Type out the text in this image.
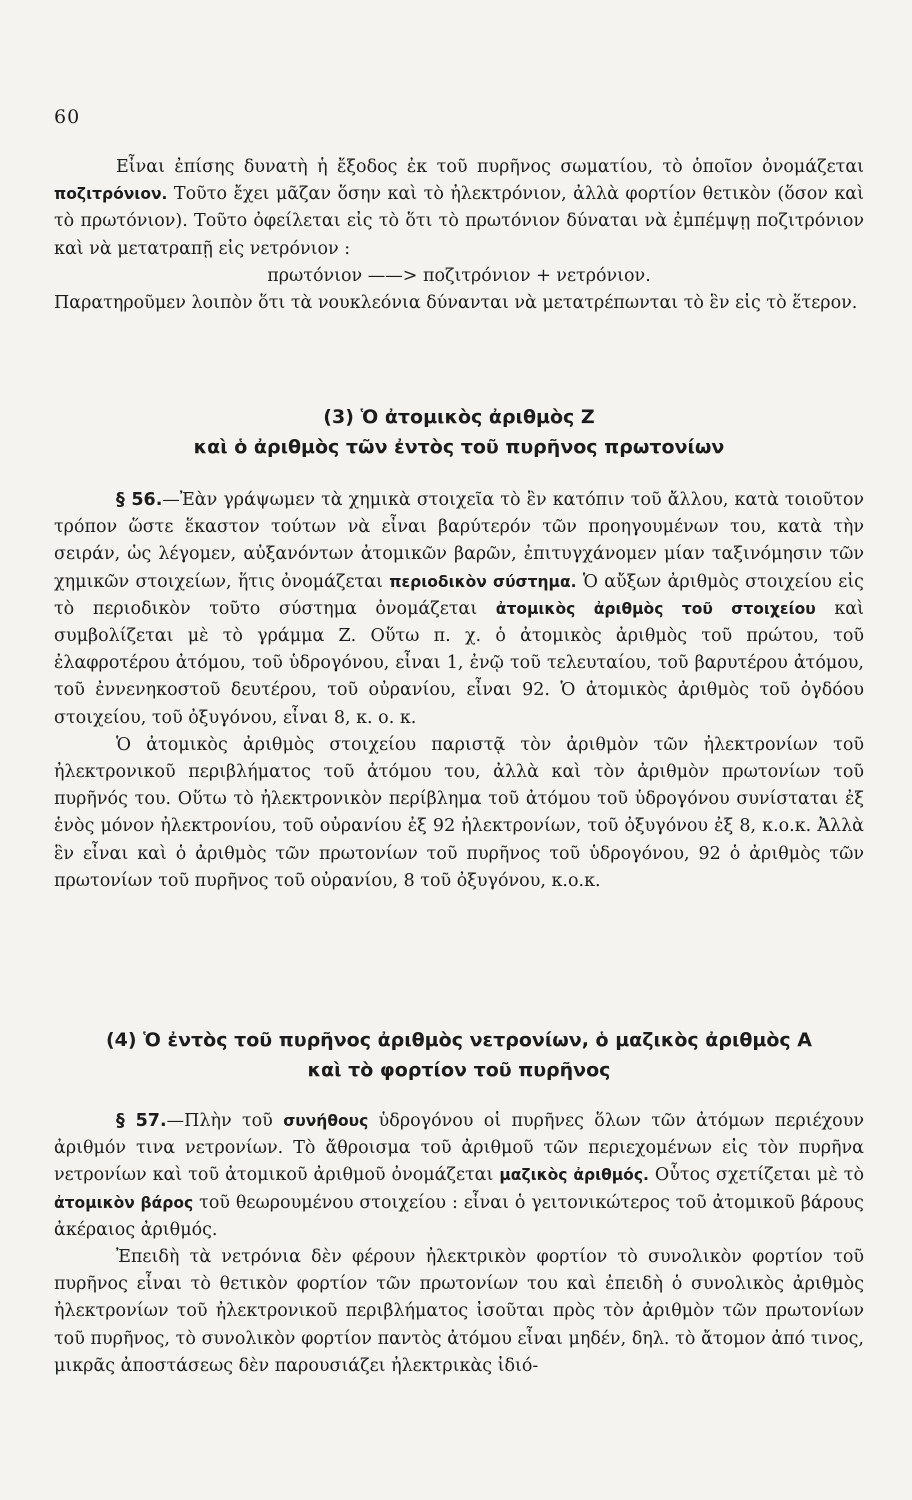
60

Εἶναι ἐπίσης δυνατὴ ἡ ἔξοδος ἐκ τοῦ πυρῆνος σωματίου, τὸ ὁποῖον ὀνομάζεται ποζιτρόνιον. Τοῦτο ἔχει μᾶζαν ὅσην καὶ τὸ ἠλεκτρόνιον, ἀλλὰ φορτίον θετικὸν (ὅσον καὶ τὸ πρωτόνιον). Τοῦτο ὀφείλεται εἰς τὸ ὅτι τὸ πρωτόνιον δύναται νὰ ἐμπέμψῃ ποζιτρόνιον καὶ νὰ μετατραπῇ εἰς νετρόνιον :

πρωτόνιον ——> ποζιτρόνιον + νετρόνιον.

Παρατηροῦμεν λοιπὸν ὅτι τὰ νουκλεόνια δύνανται νὰ μετατρέπωνται τὸ ἓν εἰς τὸ ἕτερον.

(3) Ὁ ἀτομικὸς ἀριθμὸς Ζ
καὶ ὁ ἀριθμὸς τῶν ἐντὸς τοῦ πυρῆνος πρωτονίων

§ 56.—Ἐὰν γράψωμεν τὰ χημικὰ στοιχεῖα τὸ ἓν κατόπιν τοῦ ἄλλου, κατὰ τοιοῦτον τρόπον ὥστε ἕκαστον τούτων νὰ εἶναι βαρύτερόν τῶν προηγουμένων του, κατὰ τὴν σειράν, ὡς λέγομεν, αὐξανόντων ἀτομικῶν βαρῶν, ἐπιτυγχάνομεν μίαν ταξινόμησιν τῶν χημικῶν στοιχείων, ἥτις ὀνομάζεται περιοδικὸν σύστημα. Ὁ αὔξων ἀριθμὸς στοιχείου εἰς τὸ περιοδικὸν τοῦτο σύστημα ὀνομάζεται ἀτομικὸς ἀριθμὸς τοῦ στοιχείου καὶ συμβολίζεται μὲ τὸ γράμμα Ζ. Οὕτω π. χ. ὁ ἀτομικὸς ἀριθμὸς τοῦ πρώτου, τοῦ ἐλαφροτέρου ἀτόμου, τοῦ ὑδρογόνου, εἶναι 1, ἐνῷ τοῦ τελευταίου, τοῦ βαρυτέρου ἀτόμου, τοῦ ἐννενηκοστοῦ δευτέρου, τοῦ οὐρανίου, εἶναι 92. Ὁ ἀτομικὸς ἀριθμὸς τοῦ ὀγδόου στοιχείου, τοῦ ὀξυγόνου, εἶναι 8, κ. ο. κ.

Ὁ ἀτομικὸς ἀριθμὸς στοιχείου παριστᾷ τὸν ἀριθμὸν τῶν ἠλεκτρονίων τοῦ ἠλεκτρονικοῦ περιβλήματος τοῦ ἀτόμου του, ἀλλὰ καὶ τὸν ἀριθμὸν πρωτονίων τοῦ πυρῆνός του. Οὕτω τὸ ἠλεκτρονικὸν περίβλημα τοῦ ἀτόμου τοῦ ὑδρογόνου συνίσταται ἐξ ἑνὸς μόνον ἠλεκτρονίου, τοῦ οὐρανίου ἐξ 92 ἠλεκτρονίων, τοῦ ὀξυγόνου ἐξ 8, κ.ο.κ. Ἀλλὰ ἓν εἶναι καὶ ὁ ἀριθμὸς τῶν πρωτονίων τοῦ πυρῆνος τοῦ ὑδρογόνου, 92 ὁ ἀριθμὸς τῶν πρωτονίων τοῦ πυρῆνος τοῦ οὐρανίου, 8 τοῦ ὀξυγόνου, κ.ο.κ.

(4) Ὁ ἐντὸς τοῦ πυρῆνος ἀριθμὸς νετρονίων, ὁ μαζικὸς ἀριθμὸς Α
καὶ τὸ φορτίον τοῦ πυρῆνος

§ 57.—Πλὴν τοῦ συνήθους ὑδρογόνου οἱ πυρῆνες ὅλων τῶν ἀτόμων περιέχουν ἀριθμόν τινα νετρονίων. Τὸ ἄθροισμα τοῦ ἀριθμοῦ τῶν περιεχομένων εἰς τὸν πυρῆνα νετρονίων καὶ τοῦ ἀτομικοῦ ἀριθμοῦ ὀνομάζεται μαζικὸς ἀριθμός. Οὗτος σχετίζεται μὲ τὸ ἀτομικὸν βάρος τοῦ θεωρουμένου στοιχείου : εἶναι ὁ γειτονικώτερος τοῦ ἀτομικοῦ βάρους ἀκέραιος ἀριθμός.

Ἐπειδὴ τὰ νετρόνια δὲν φέρουν ἠλεκτρικὸν φορτίον τὸ συνολικὸν φορτίον τοῦ πυρῆνος εἶναι τὸ θετικὸν φορτίον τῶν πρωτονίων του καὶ ἐπειδὴ ὁ συνολικὸς ἀριθμὸς ἠλεκτρονίων τοῦ ἠλεκτρονικοῦ περιβλήματος ἰσοῦται πρὸς τὸν ἀριθμὸν τῶν πρωτονίων τοῦ πυρῆνος, τὸ συνολικὸν φορτίον παντὸς ἀτόμου εἶναι μηδέν, δηλ. τὸ ἄτομον ἀπό τινος, μικρᾶς ἀποστάσεως δὲν παρουσιάζει ἠλεκτρικὰς ἰδιό-
